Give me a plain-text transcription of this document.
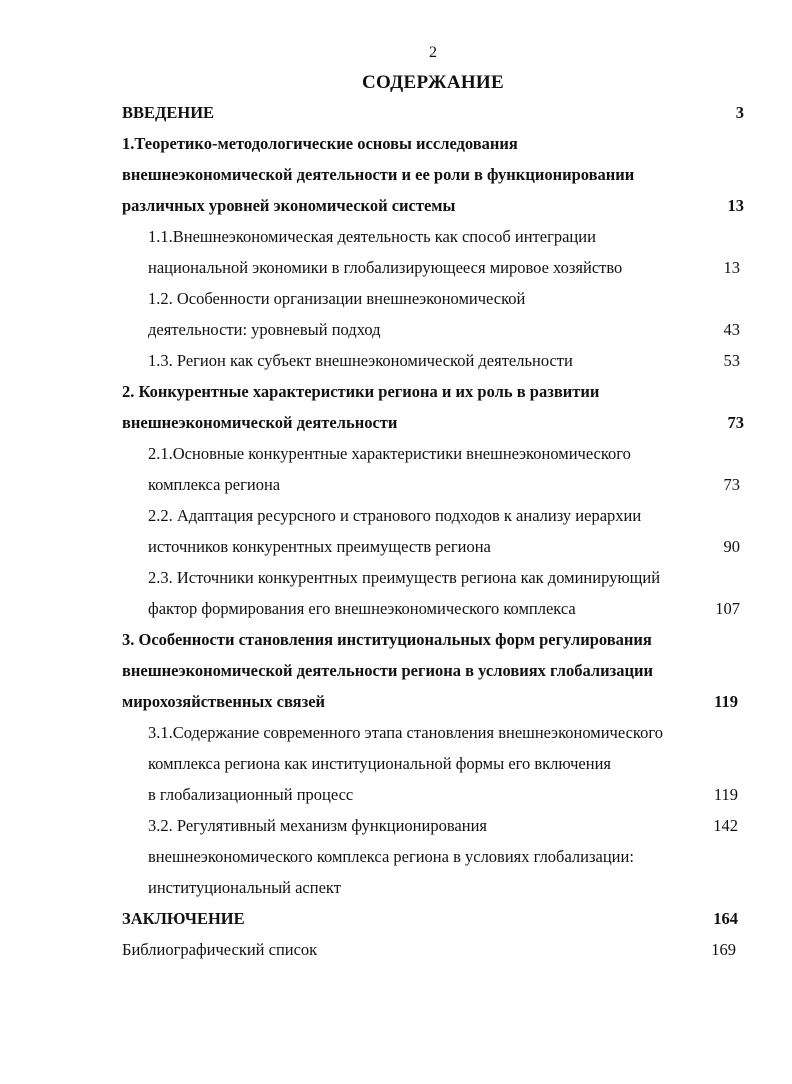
2
СОДЕРЖАНИЕ
ВВЕДЕНИЕ	3
1.Теоретико-методологические основы исследования
внешнеэкономической деятельности и ее роли в функционировании
различных уровней экономической системы	13
1.1.Внешнеэкономическая деятельность как способ интеграции
национальной экономики в глобализирующееся мировое хозяйство	13
1.2. Особенности организации внешнеэкономической
деятельности: уровневый подход	43
1.3. Регион как субъект внешнеэкономической деятельности	53
2. Конкурентные характеристики региона и их роль в развитии
внешнеэкономической деятельности	73
2.1.Основные конкурентные характеристики внешнеэкономического
комплекса региона	73
2.2. Адаптация ресурсного и странового подходов к анализу иерархии
источников конкурентных преимуществ региона	90
2.3. Источники конкурентных преимуществ региона как доминирующий
фактор формирования его внешнеэкономического комплекса	107
3. Особенности становления институциональных форм регулирования
внешнеэкономической деятельности региона в условиях глобализации
мирохозяйственных связей	119
3.1.Содержание современного этапа становления внешнеэкономического
комплекса региона как институциональной формы его включения
в глобализационный процесс	119
3.2. Регулятивный механизм функционирования	142
внешнеэкономического комплекса региона в условиях глобализации:
институциональный аспект
ЗАКЛЮЧЕНИЕ	164
Библиографический список	169
